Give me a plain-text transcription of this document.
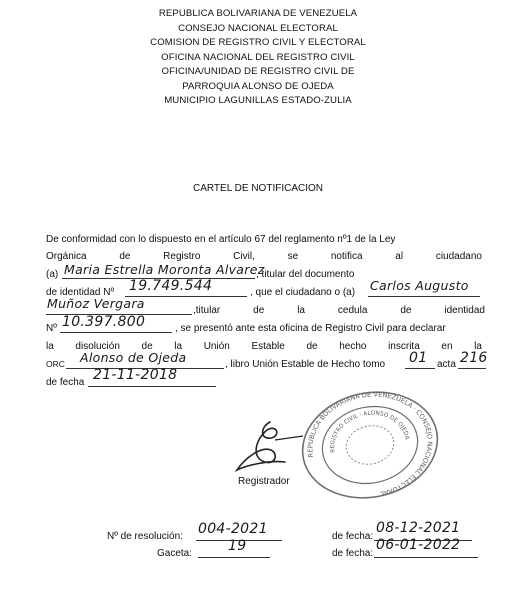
REPUBLICA BOLIVARIANA DE VENEZUELA
CONSEJO NACIONAL ELECTORAL
COMISION DE REGISTRO CIVIL Y ELECTORAL
OFICINA NACIONAL DEL REGISTRO CIVIL
OFICINA/UNIDAD DE REGISTRO CIVIL DE
PARROQUIA ALONSO DE OJEDA
MUNICIPIO LAGUNILLAS ESTADO-ZULIA
CARTEL DE NOTIFICACION
De conformidad con lo dispuesto en el artículo 67 del reglamento nº1 de la Ley
Orgánica	de	Registro	Civil,	se	notifica	al	ciudadano
(a) Maria Estrella Moronta Alvarez
, titular del documento
de identidad Nº 19.749.544	, que el ciudadano o (a) Carlos Augusto
Muñoz Vergara	,titular	de	la	cedula	de	identidad
Nº 10.397.800	, se presentó ante esta oficina de Registro Civil para declarar
la disolución de la Unión Estable de hecho inscrita en la
ORC Alonso de Ojeda	, libro Unión Estable de Hecho tomo 01 acta 216
de fecha 21-11-2018
REPUBLICA BOLIVARIANA DE VENEZUELA · CONSEJO NACIONAL ELECTORAL
REGISTRO CIVIL · ALONSO DE OJEDA
Registrador
Nº de resolución: 004-2021	de fecha:
08-12-2021
Gaceta:	19	de fecha:
06-01-2022
